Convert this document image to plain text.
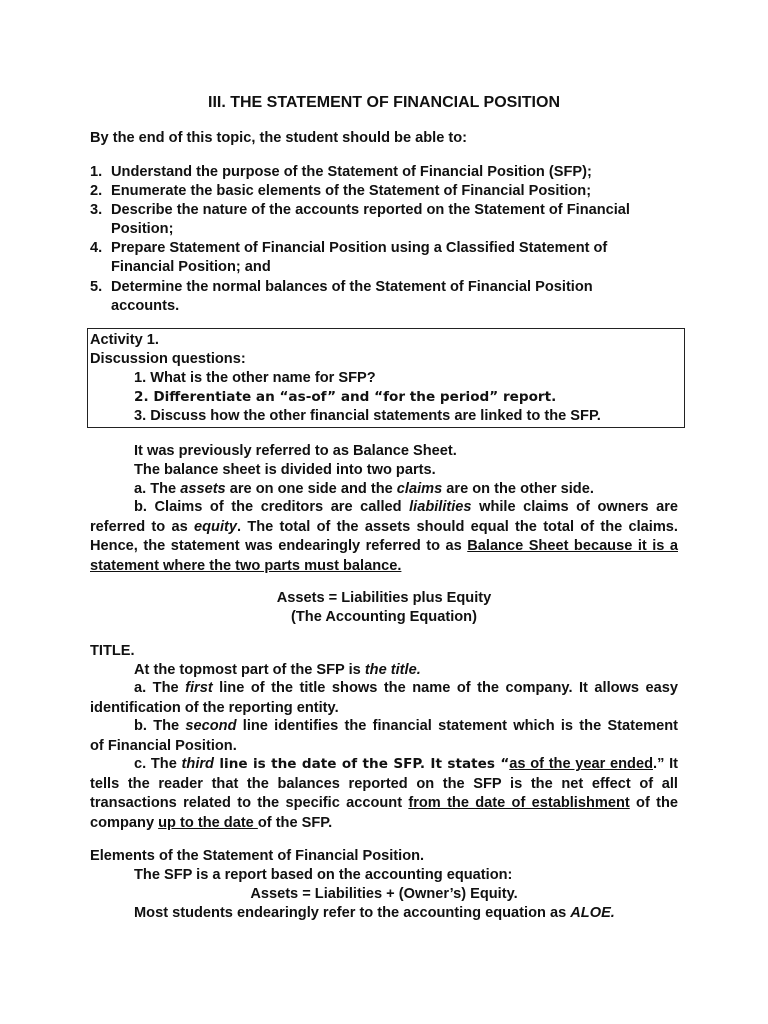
III. THE STATEMENT OF FINANCIAL POSITION
By the end of this topic, the student should be able to:
1. Understand the purpose of the Statement of Financial Position (SFP);
2. Enumerate the basic elements of the Statement of Financial Position;
3. Describe the nature of the accounts reported on the Statement of Financial
Position;
4. Prepare Statement of Financial Position using a Classified Statement of
Financial Position; and
5. Determine the normal balances of the Statement of Financial Position
accounts.
Activity 1.
Discussion questions:
1. What is the other name for SFP?
2. Differentiate an “as-of” and “for the period” report.
3. Discuss how the other financial statements are linked to the SFP.
It was previously referred to as Balance Sheet.
The balance sheet is divided into two parts.
a. The assets are on one side and the claims are on the other side.
b. Claims of the creditors are called liabilities while claims of owners are
referred to as equity. The total of the assets should equal the total of the claims.
Hence, the statement was endearingly referred to as Balance Sheet because it is a
statement where the two parts must balance.
Assets = Liabilities plus Equity
(The Accounting Equation)
TITLE.
At the topmost part of the SFP is the title.
a. The first line of the title shows the name of the company. It allows easy
identification of the reporting entity.
b. The second line identifies the financial statement which is the Statement
of Financial Position.
c. The third line is the date of the SFP. It states “as of the year ended.” It
tells the reader that the balances reported on the SFP is the net effect of all
transactions related to the specific account from the date of establishment of the
company up to the date of the SFP.
Elements of the Statement of Financial Position.
The SFP is a report based on the accounting equation:
Assets = Liabilities + (Owner’s) Equity.
Most students endearingly refer to the accounting equation as ALOE.
